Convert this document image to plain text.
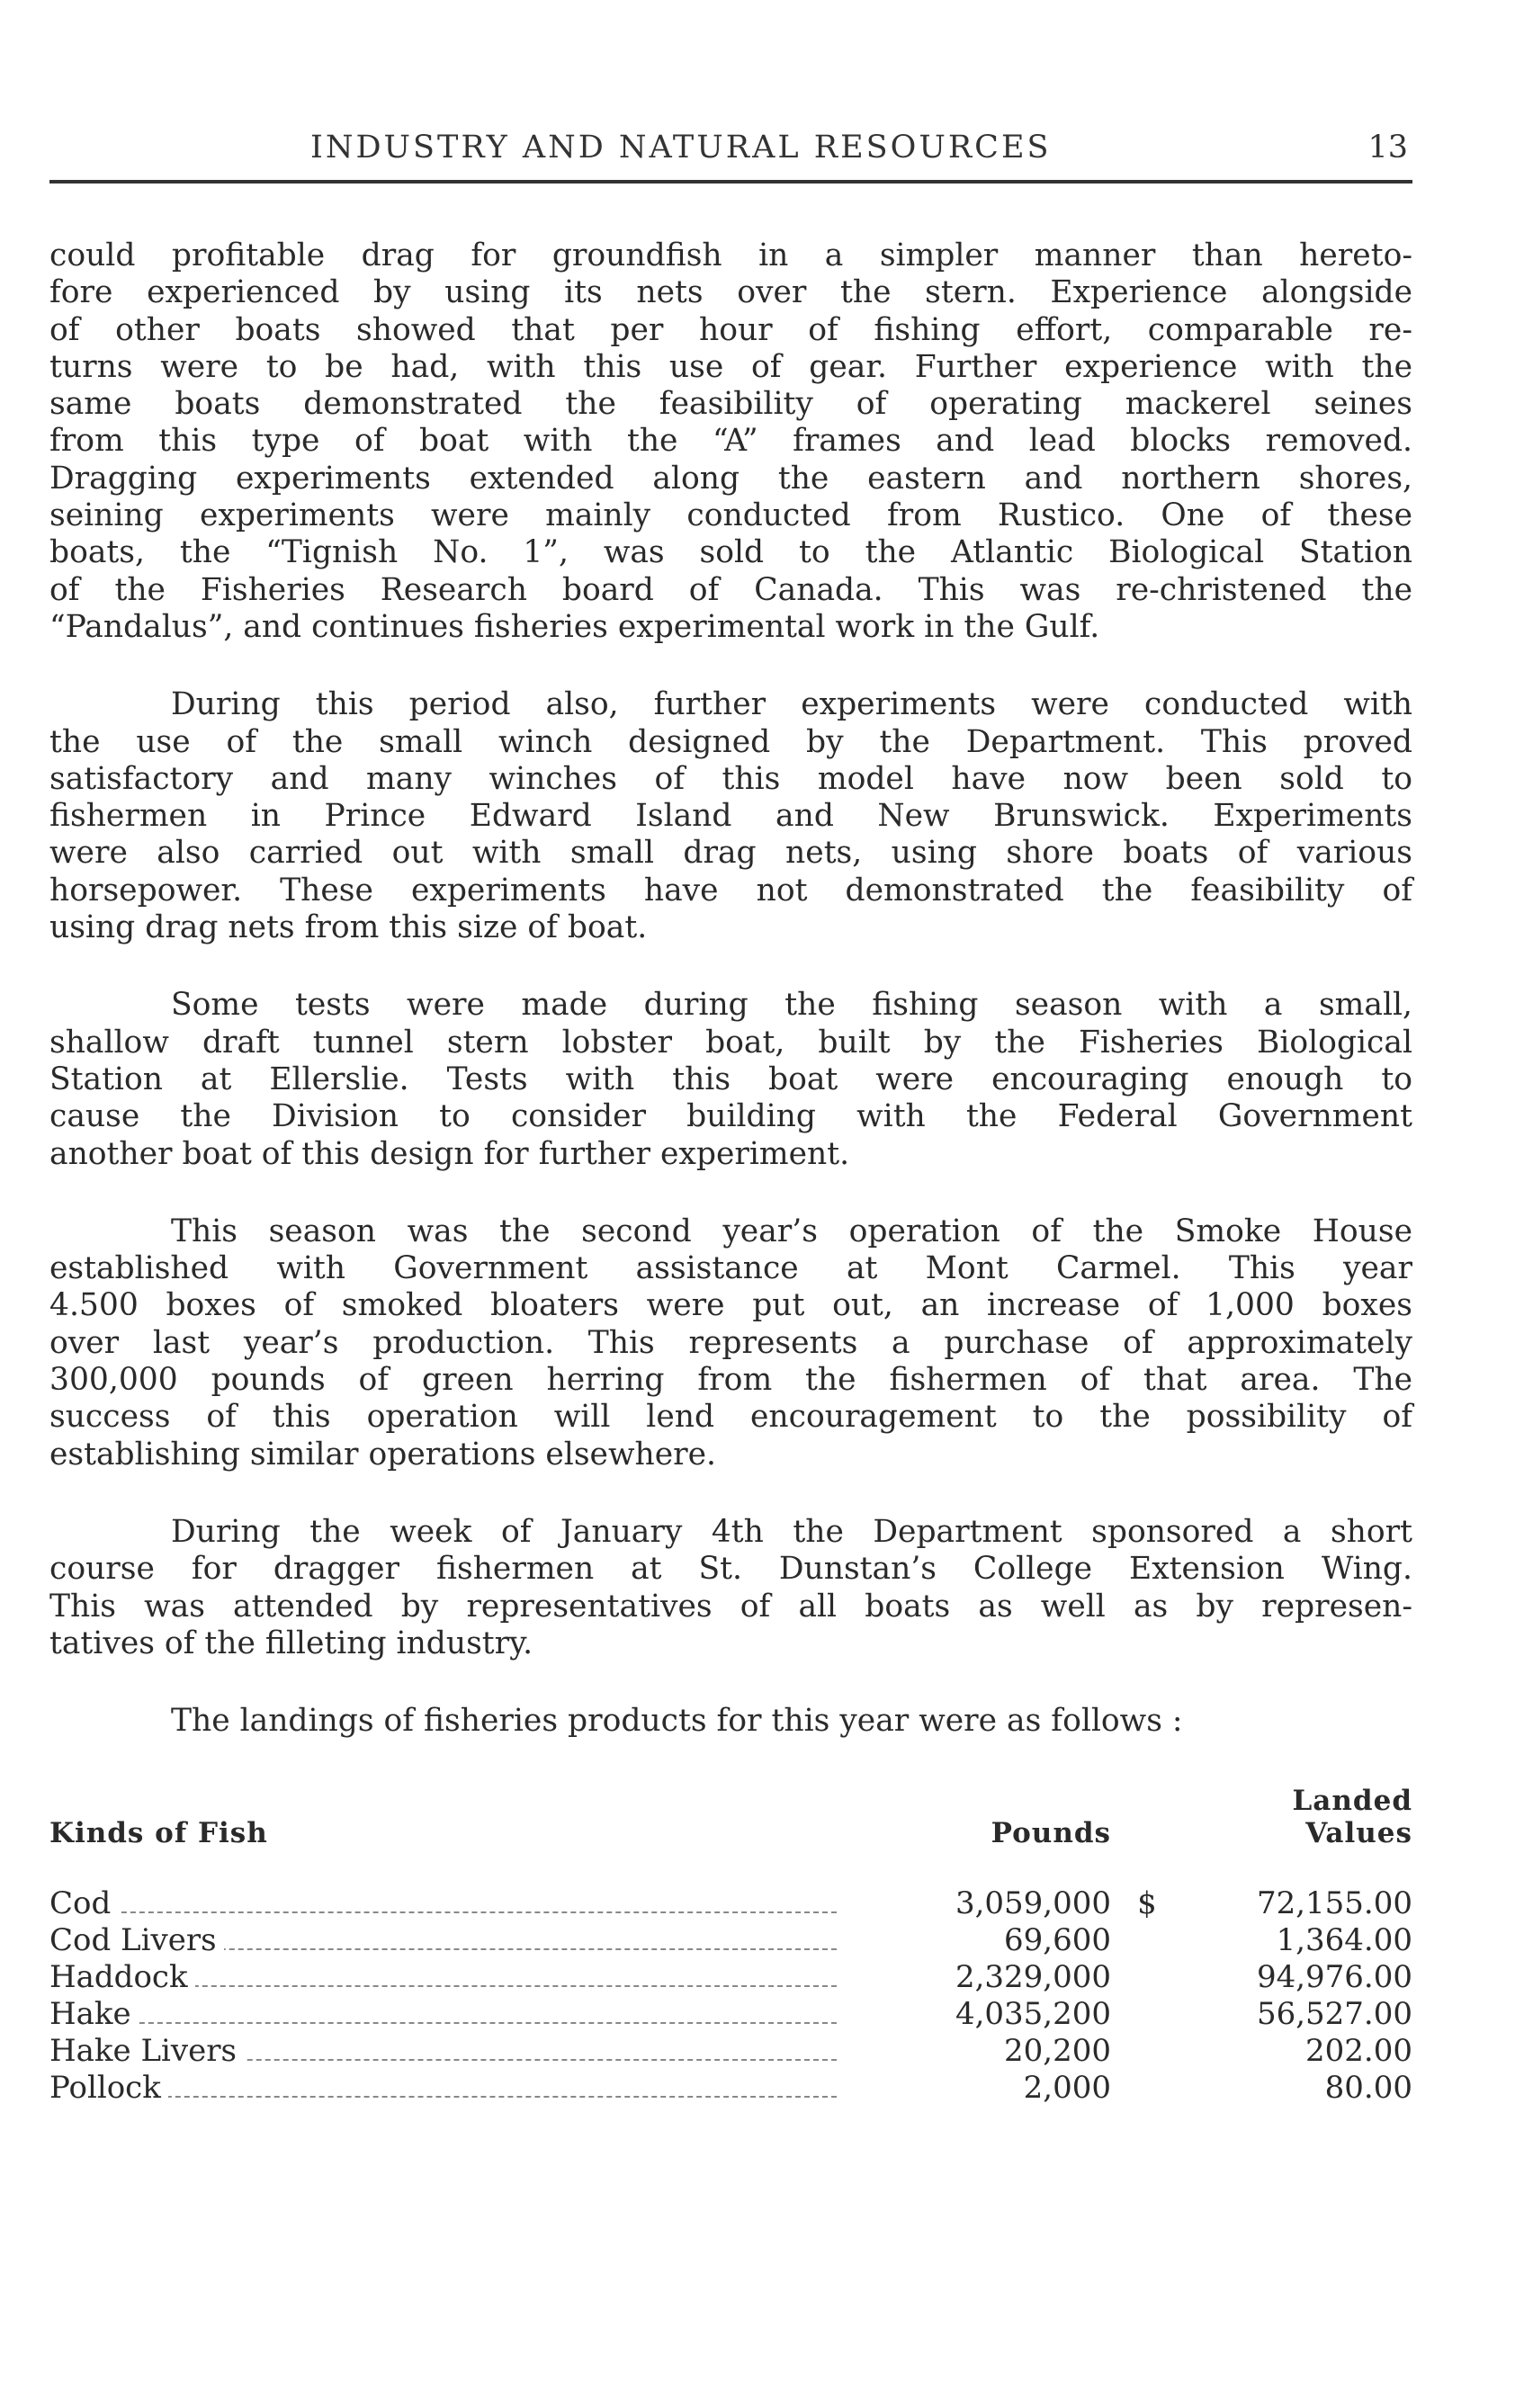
INDUSTRY AND NATURAL RESOURCES	13

could profitable drag for groundfish in a simpler manner than hereto-
fore experienced by using its nets over the stern. Experience alongside
of other boats showed that per hour of fishing effort, comparable re-
turns were to be had, with this use of gear. Further experience with the
same boats demonstrated the feasibility of operating mackerel seines
from this type of boat with the “A” frames and lead blocks removed.
Dragging experiments extended along the eastern and northern shores,
seining experiments were mainly conducted from Rustico. One of these
boats, the “Tignish No. 1”, was sold to the Atlantic Biological Station
of the Fisheries Research board of Canada. This was re-christened the
“Pandalus”, and continues fisheries experimental work in the Gulf.

During this period also, further experiments were conducted with
the use of the small winch designed by the Department. This proved
satisfactory and many winches of this model have now been sold to
fishermen in Prince Edward Island and New Brunswick. Experiments
were also carried out with small drag nets, using shore boats of various
horsepower. These experiments have not demonstrated the feasibility of
using drag nets from this size of boat.

Some tests were made during the fishing season with a small,
shallow draft tunnel stern lobster boat, built by the Fisheries Biological
Station at Ellerslie. Tests with this boat were encouraging enough to
cause the Division to consider building with the Federal Government
another boat of this design for further experiment.

This season was the second year’s operation of the Smoke House
established with Government assistance at Mont Carmel. This year
4.500 boxes of smoked bloaters were put out, an increase of 1,000 boxes
over last year’s production. This represents a purchase of approximately
300,000 pounds of green herring from the fishermen of that area. The
success of this operation will lend encouragement to the possibility of
establishing similar operations elsewhere.

During the week of January 4th the Department sponsored a short
course for dragger fishermen at St. Dunstan’s College Extension Wing.
This was attended by representatives of all boats as well as by represen-
tatives of the filleting industry.

The landings of fisheries products for this year were as follows :

Kinds of Fish	Pounds		Landed
Values

Cod	3,059,000	$	72,155.00

Cod Livers	69,600		1,364.00

Haddock	2,329,000		94,976.00

Hake	4,035,200		56,527.00

Hake Livers	20,200		202.00

Pollock	2,000		80.00
